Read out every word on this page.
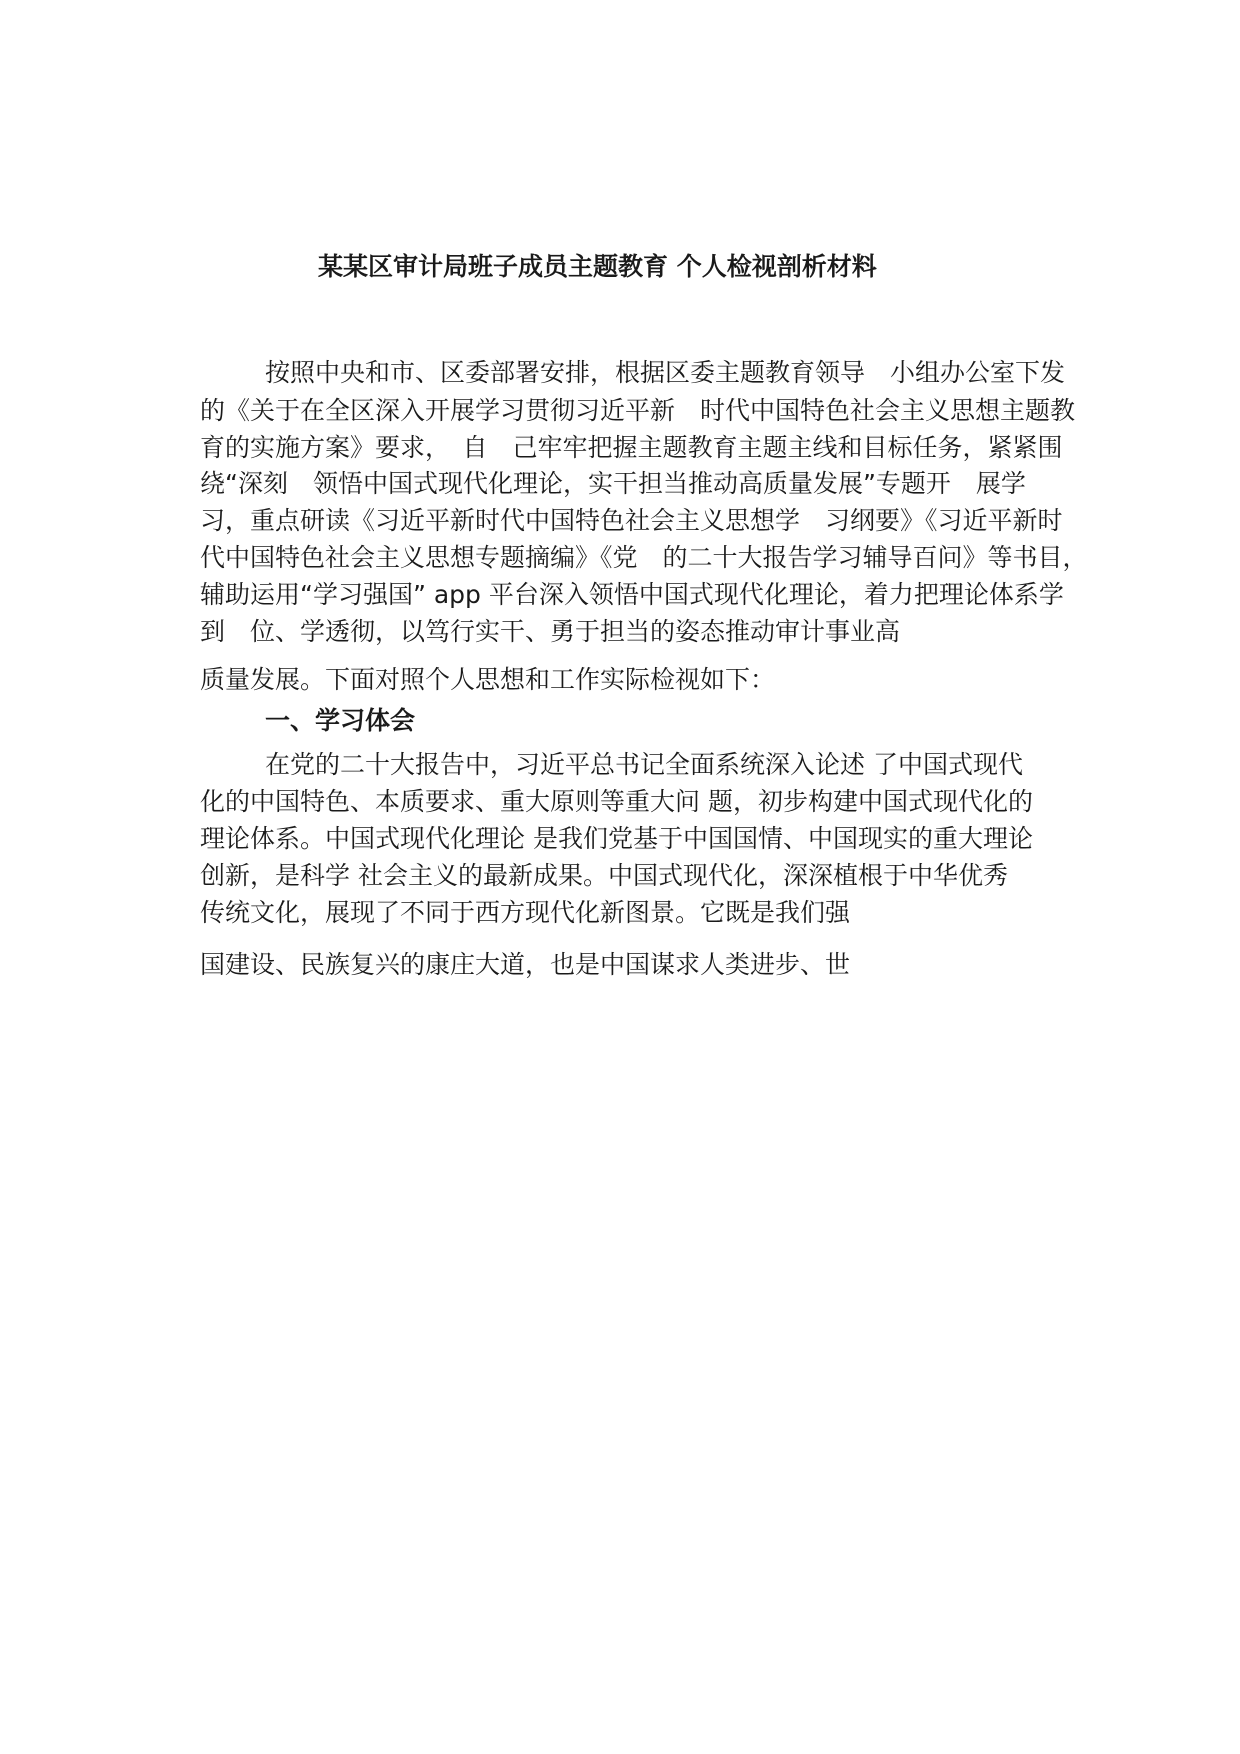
某某区审计局班子成员主题教育 个人检视剖析材料
按照中央和市、区委部署安排，根据区委主题教育领导　小组办公室下发
的《关于在全区深入开展学习贯彻习近平新　时代中国特色社会主义思想主题教
育的实施方案》要求，　自　己牢牢把握主题教育主题主线和目标任务，紧紧围
绕“深刻　领悟中国式现代化理论，实干担当推动高质量发展”专题开　展学
习，重点研读《习近平新时代中国特色社会主义思想学　习纲要》《习近平新时
代中国特色社会主义思想专题摘编》《党　的二十大报告学习辅导百问》等书目，
辅助运用“学习强国” app 平台深入领悟中国式现代化理论，着力把理论体系学
到　位、学透彻，以笃行实干、勇于担当的姿态推动审计事业高
质量发展。下面对照个人思想和工作实际检视如下：
一、学习体会
在党的二十大报告中，习近平总书记全面系统深入论述 了中国式现代
化的中国特色、本质要求、重大原则等重大问 题，初步构建中国式现代化的
理论体系。中国式现代化理论 是我们党基于中国国情、中国现实的重大理论
创新，是科学 社会主义的最新成果。中国式现代化，深深植根于中华优秀
传统文化，展现了不同于西方现代化新图景。它既是我们强
国建设、民族复兴的康庄大道，也是中国谋求人类进步、世
